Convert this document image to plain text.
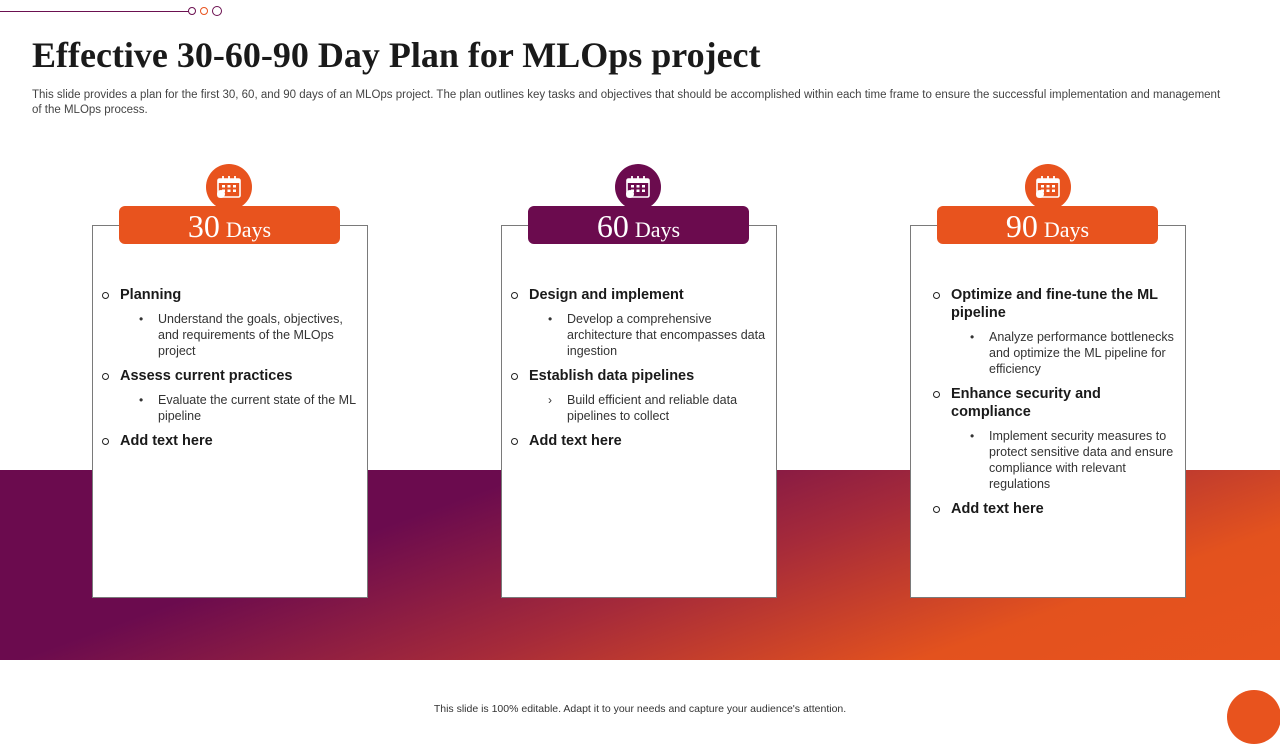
Effective 30-60-90 Day Plan for MLOps project

This slide provides a plan for the first 30, 60, and 90 days of an MLOps project. The plan outlines key tasks and objectives that should be accomplished within each time frame to ensure the successful implementation and management of the MLOps process.

Planning
• Understand the goals, objectives, and requirements of the MLOps project
Assess current practices
• Evaluate the current state of the ML pipeline
Add text here
Design and implement
• Develop a comprehensive architecture that encompasses data ingestion
Establish data pipelines
› Build efficient and reliable data pipelines to collect
Add text here
Optimize and fine-tune the ML pipeline
• Analyze performance bottlenecks and optimize the ML pipeline for efficiency
Enhance security and compliance
• Implement security measures to protect sensitive data and ensure compliance with relevant regulations
Add text here
30 Days	60 Days	90 Days
This slide is 100% editable. Adapt it to your needs and capture your audience's attention.
